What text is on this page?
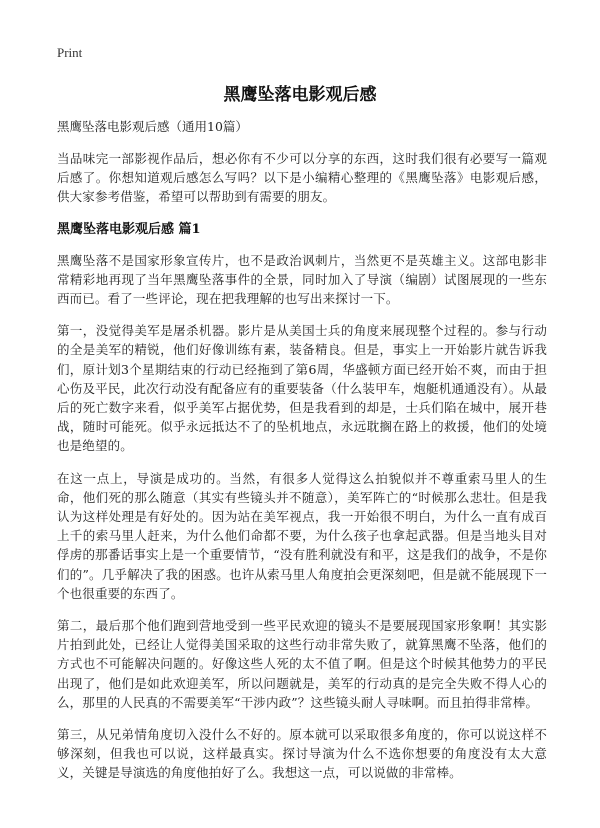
Print
黑鹰坠落电影观后感

黑鹰坠落电影观后感（通用10篇）

当品味完一部影视作品后，想必你有不少可以分享的东西，这时我们很有必要写一篇观后感了。你想知道观后感怎么写吗？以下是小编精心整理的《黑鹰坠落》电影观后感，供大家参考借鉴，希望可以帮助到有需要的朋友。

黑鹰坠落电影观后感 篇1

黑鹰坠落不是国家形象宣传片，也不是政治讽刺片，当然更不是英雄主义。这部电影非常精彩地再现了当年黑鹰坠落事件的全景，同时加入了导演（编剧）试图展现的一些东西而已。看了一些评论，现在把我理解的也写出来探讨一下。

第一，没觉得美军是屠杀机器。影片是从美国士兵的角度来展现整个过程的。参与行动的全是美军的精锐，他们好像训练有素，装备精良。但是，事实上一开始影片就告诉我们，原计划3个星期结束的行动已经拖到了第6周，华盛顿方面已经开始不爽，而由于担心伤及平民，此次行动没有配备应有的重要装备（什么装甲车，炮艇机通通没有）。从最后的死亡数字来看，似乎美军占据优势，但是我看到的却是，士兵们陷在城中，展开巷战，随时可能死。似乎永远抵达不了的坠机地点，永远耽搁在路上的救援，他们的处境也是绝望的。

在这一点上，导演是成功的。当然，有很多人觉得这么拍貌似并不尊重索马里人的生命，他们死的那么随意（其实有些镜头并不随意），美军阵亡的“时候那么悲壮。但是我认为这样处理是有好处的。因为站在美军视点，我一开始很不明白，为什么一直有成百上千的索马里人赶来，为什么他们命都不要，为什么孩子也拿起武器。但是当地头目对俘虏的那番话事实上是一个重要情节，“没有胜利就没有和平，这是我们的战争，不是你们的”。几乎解决了我的困惑。也许从索马里人角度拍会更深刻吧，但是就不能展现下一个也很重要的东西了。

第二，最后那个他们跑到营地受到一些平民欢迎的镜头不是要展现国家形象啊！其实影片拍到此处，已经让人觉得美国采取的这些行动非常失败了，就算黑鹰不坠落，他们的方式也不可能解决问题的。好像这些人死的太不值了啊。但是这个时候其他势力的平民出现了，他们是如此欢迎美军，所以问题就是，美军的行动真的是完全失败不得人心的么，那里的人民真的不需要美军“干涉内政”？这些镜头耐人寻味啊。而且拍得非常棒。

第三，从兄弟情角度切入没什么不好的。原本就可以采取很多角度的，你可以说这样不够深刻，但我也可以说，这样最真实。探讨导演为什么不选你想要的角度没有太大意义，关键是导演选的角度他拍好了么。我想这一点，可以说做的非常棒。
